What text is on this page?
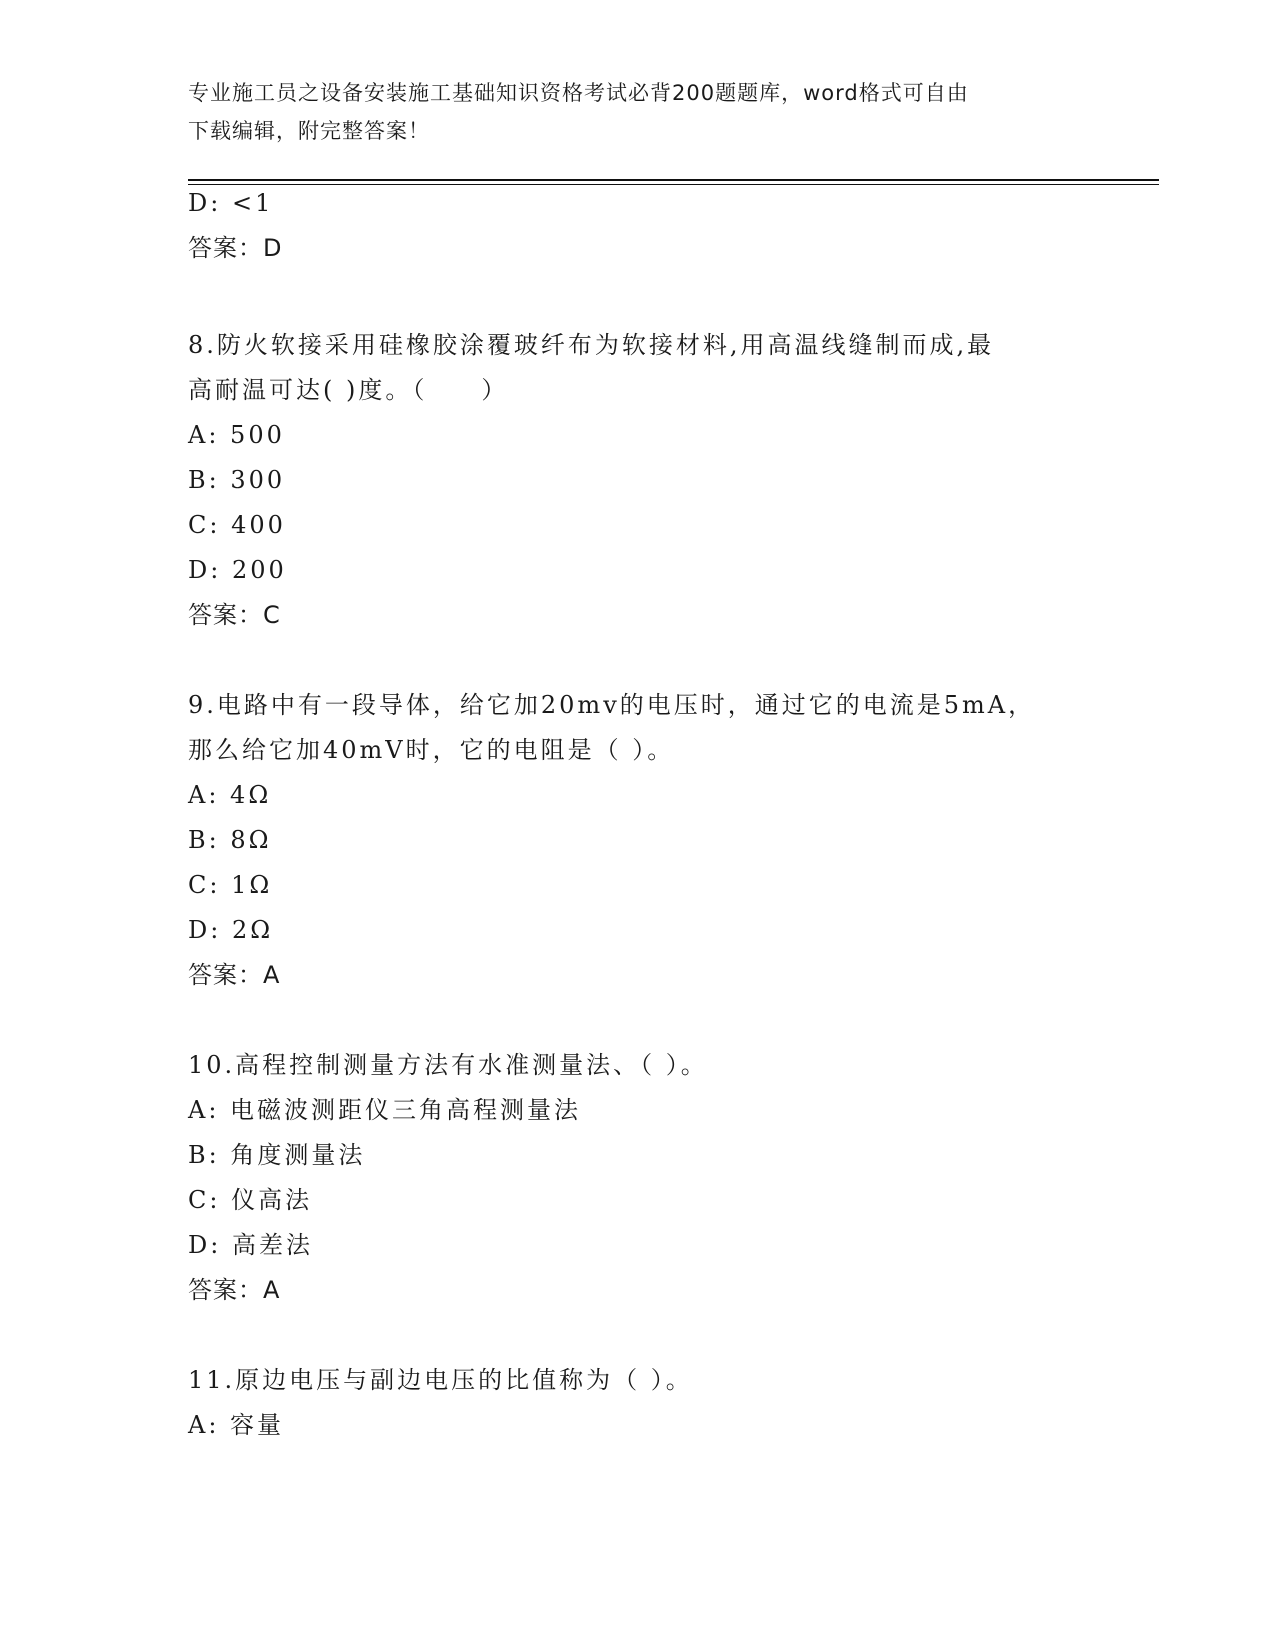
专业施工员之设备安装施工基础知识资格考试必背200题题库，word格式可自由
下载编辑，附完整答案！
D: <1
答案：D
8.防火软接采用硅橡胶涂覆玻纤布为软接材料,用高温线缝制而成,最
高耐温可达( )度。（　　）
A: 500
B: 300
C: 400
D: 200
答案：C
9.电路中有一段导体，给它加20mv的电压时，通过它的电流是5mA，
那么给它加40mV时，它的电阻是（ ）。
A: 4Ω
B: 8Ω
C: 1Ω
D: 2Ω
答案：A
10.高程控制测量方法有水准测量法、（ ）。
A: 电磁波测距仪三角高程测量法
B: 角度测量法
C: 仪高法
D: 高差法
答案：A
11.原边电压与副边电压的比值称为（ ）。
A: 容量
